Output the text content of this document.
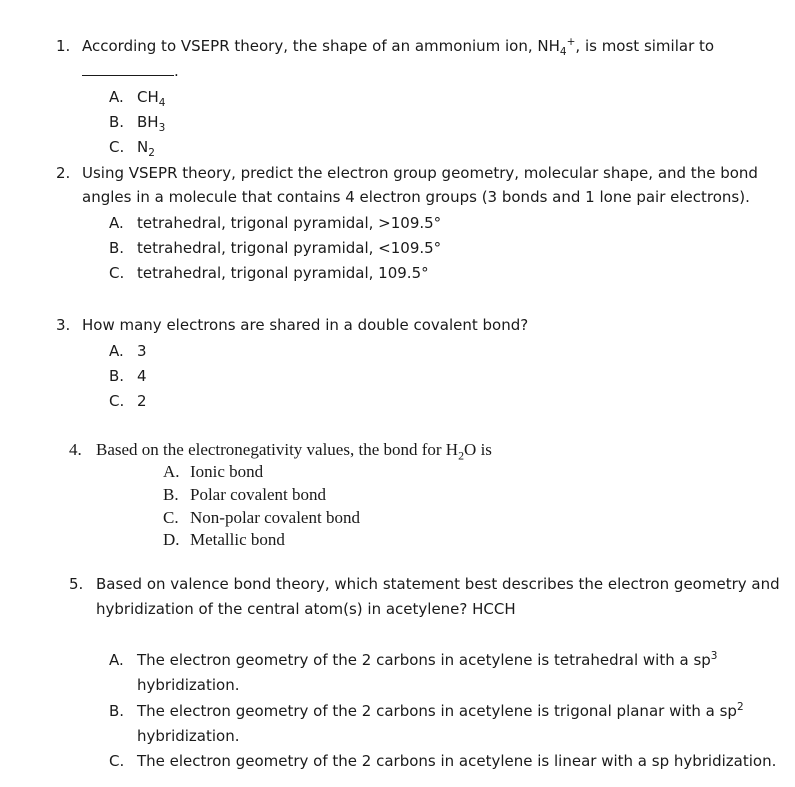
1. According to VSEPR theory, the shape of an ammonium ion, $NH_4^+$, is most similar to
.
A. $CH_4$
B. $BH_3$
C. $N_2$
2. Using VSEPR theory, predict the electron group geometry, molecular shape, and the bond
angles in a molecule that contains 4 electron groups (3 bonds and 1 lone pair electrons).
A. tetrahedral, trigonal pyramidal, >109.5°
B. tetrahedral, trigonal pyramidal, <109.5°
C. tetrahedral, trigonal pyramidal, 109.5°
3. How many electrons are shared in a double covalent bond?
A. 3
B. 4
C. 2
4. Based on the electronegativity values, the bond for $H_2O$ is
A. Ionic bond
B. Polar covalent bond
C. Non-polar covalent bond
D. Metallic bond
5. Based on valence bond theory, which statement best describes the electron geometry and
hybridization of the central atom(s) in acetylene? HCCH
A. The electron geometry of the 2 carbons in acetylene is tetrahedral with a $sp^3$
hybridization.
B. The electron geometry of the 2 carbons in acetylene is trigonal planar with a $sp^2$
hybridization.
C. The electron geometry of the 2 carbons in acetylene is linear with a sp hybridization.
